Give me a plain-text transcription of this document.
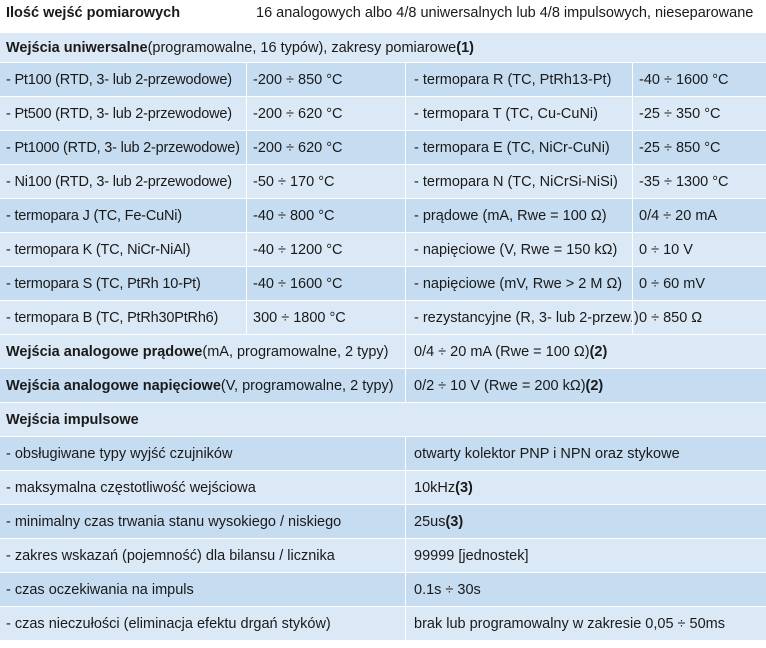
Ilość wejść pomiarowych	16 analogowych albo 4/8 uniwersalnych lub 4/8 impulsowych, nieseparowane
Wejścia uniwersalne (programowalne, 16 typów), zakresy pomiarowe (1)
- Pt100 (RTD, 3- lub 2-przewodowe)	-200 ÷ 850 °C	- termopara R (TC, PtRh13-Pt)	-40 ÷ 1600 °C
- Pt500 (RTD, 3- lub 2-przewodowe)	-200 ÷ 620 °C	- termopara T (TC, Cu-CuNi)	-25 ÷ 350 °C
- Pt1000 (RTD, 3- lub 2-przewodowe) -200 ÷ 620 °C	- termopara E (TC, NiCr-CuNi)	-25 ÷ 850 °C
- Ni100 (RTD, 3- lub 2-przewodowe)	-50 ÷ 170 °C	- termopara N (TC, NiCrSi-NiSi)	-35 ÷ 1300 °C
- termopara J (TC, Fe-CuNi)	-40 ÷ 800 °C	- prądowe (mA, Rwe = 100 Ω)	0/4 ÷ 20 mA
- termopara K (TC, NiCr-NiAl)	-40 ÷ 1200 °C	- napięciowe (V, Rwe = 150 kΩ)	0 ÷ 10 V
- termopara S (TC, PtRh 10-Pt)	-40 ÷ 1600 °C	- napięciowe (mV, Rwe > 2 M Ω)	0 ÷ 60 mV
- termopara B (TC, PtRh30PtRh6)	300 ÷ 1800 °C	- rezystancyjne (R, 3- lub 2-przew.) 0 ÷ 850 Ω
Wejścia analogowe prądowe (mA, programowalne, 2 typy) 0/4 ÷ 20 mA (Rwe = 100 Ω) (2)
Wejścia analogowe napięciowe (V, programowalne, 2 typy) 0/2 ÷ 10 V (Rwe = 200 kΩ) (2)
Wejścia impulsowe
- obsługiwane typy wyjść czujników	otwarty kolektor PNP i NPN oraz stykowe
- maksymalna częstotliwość wejściowa	10kHz (3)
- minimalny czas trwania stanu wysokiego / niskiego	25us (3)
- zakres wskazań (pojemność) dla bilansu / licznika	99999 [jednostek]
- czas oczekiwania na impuls	0.1s ÷ 30s
- czas nieczułości (eliminacja efektu drgań styków)	brak lub programowalny w zakresie 0,05 ÷ 50ms
